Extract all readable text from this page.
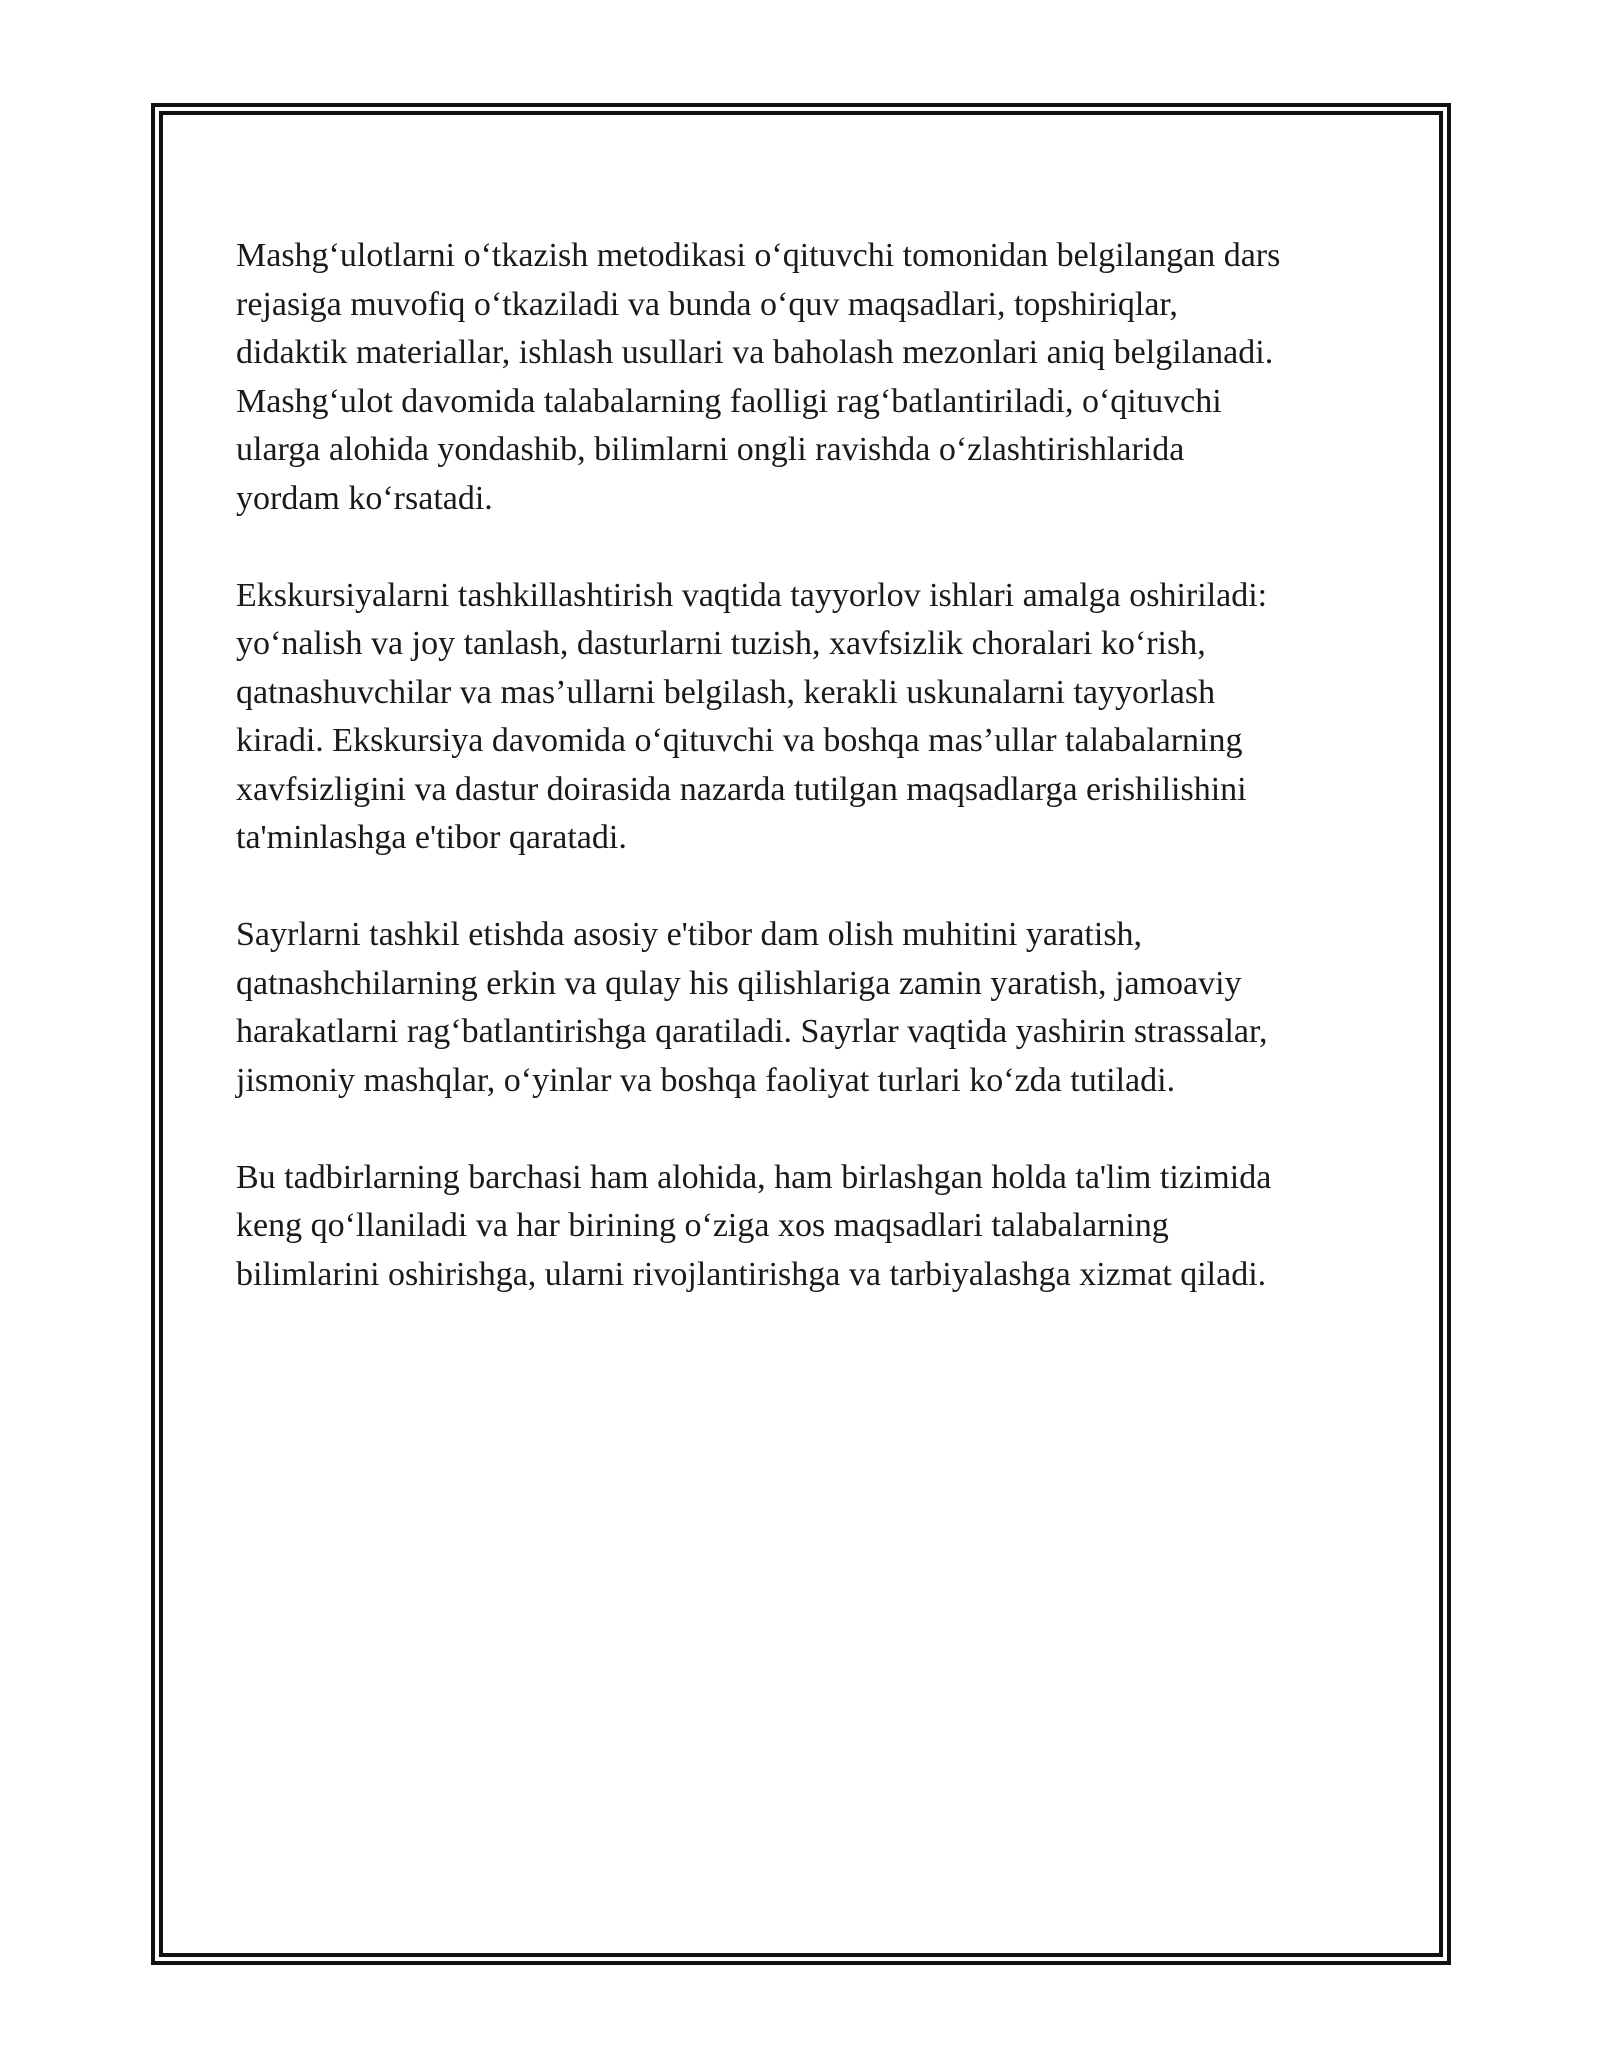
Mashg‘ulotlarni o‘tkazish metodikasi o‘qituvchi tomonidan belgilangan dars
rejasiga muvofiq o‘tkaziladi va bunda o‘quv maqsadlari, topshiriqlar,
didaktik materiallar, ishlash usullari va baholash mezonlari aniq belgilanadi.
Mashg‘ulot davomida talabalarning faolligi rag‘batlantiriladi, o‘qituvchi
ularga alohida yondashib, bilimlarni ongli ravishda o‘zlashtirishlarida
yordam ko‘rsatadi.

Ekskursiyalarni tashkillashtirish vaqtida tayyorlov ishlari amalga oshiriladi:
yo‘nalish va joy tanlash, dasturlarni tuzish, xavfsizlik choralari ko‘rish,
qatnashuvchilar va mas’ullarni belgilash, kerakli uskunalarni tayyorlash
kiradi. Ekskursiya davomida o‘qituvchi va boshqa mas’ullar talabalarning
xavfsizligini va dastur doirasida nazarda tutilgan maqsadlarga erishilishini
ta'minlashga e'tibor qaratadi.

Sayrlarni tashkil etishda asosiy e'tibor dam olish muhitini yaratish,
qatnashchilarning erkin va qulay his qilishlariga zamin yaratish, jamoaviy
harakatlarni rag‘batlantirishga qaratiladi. Sayrlar vaqtida yashirin strassalar,
jismoniy mashqlar, o‘yinlar va boshqa faoliyat turlari ko‘zda tutiladi.

Bu tadbirlarning barchasi ham alohida, ham birlashgan holda ta'lim tizimida
keng qo‘llaniladi va har birining o‘ziga xos maqsadlari talabalarning
bilimlarini oshirishga, ularni rivojlantirishga va tarbiyalashga xizmat qiladi.
